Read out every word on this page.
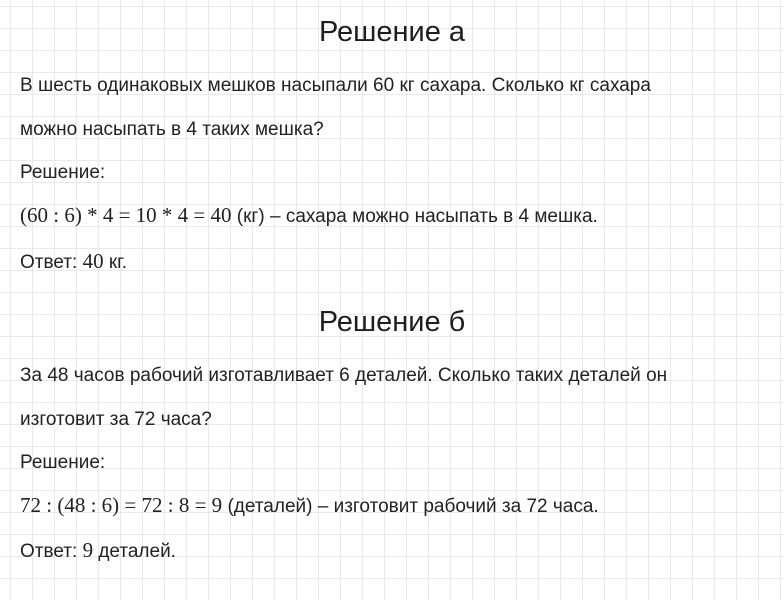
Решение а
В шесть одинаковых мешков насыпали 60 кг сахара. Сколько кг сахара
можно насыпать в 4 таких мешка?
Решение:
(60 : 6) * 4 = 10 * 4 = 40 (кг) – сахара можно насыпать в 4 мешка.
Ответ: 40 кг.
Решение б
За 48 часов рабочий изготавливает 6 деталей. Сколько таких деталей он
изготовит за 72 часа?
Решение:
72 : (48 : 6) = 72 : 8 = 9 (деталей) – изготовит рабочий за 72 часа.
Ответ: 9 деталей.
